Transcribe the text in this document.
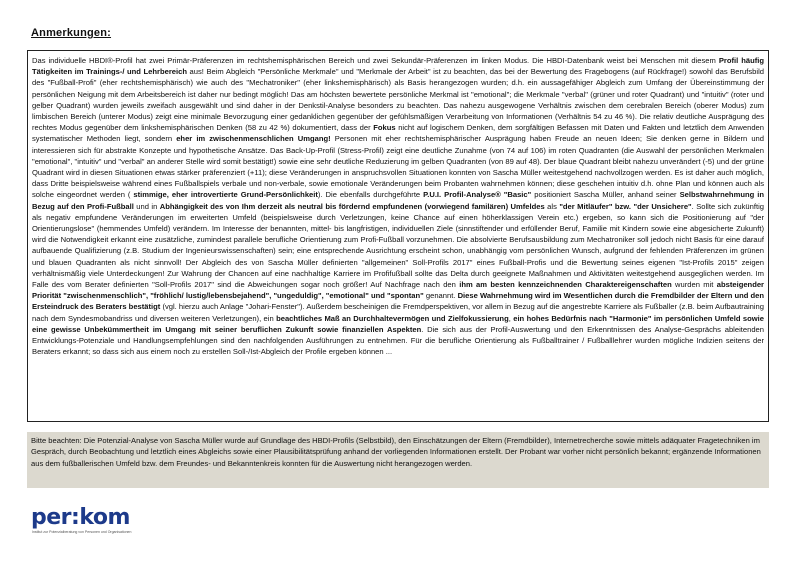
Anmerkungen:

Das individuelle HBDI®-Profil hat zwei Primär-Präferenzen im rechtshemisphärischen Bereich und zwei Sekundär-Präferenzen im linken Modus. Die HBDI-Datenbank weist bei Menschen mit diesem Profil häufig Tätigkeiten im Trainings-/ und Lehrbereich aus! Beim Abgleich "Persönliche Merkmale" und "Merkmale der Arbeit" ist zu beachten, das bei der Bewertung des Fragebogens (auf Rückfrage!) sowohl das Berufsbild des "Fußball-Profi" (eher rechtshemisphärisch) wie auch des "Mechatroniker" (eher linkshemisphärisch) als Basis herangezogen wurden; d.h. ein aussagefähiger Abgleich zum Umfang der Übereinstimmung der persönlichen Neigung mit dem Arbeitsbereich ist daher nur bedingt möglich! Das am höchsten bewertete persönliche Merkmal ist "emotional"; die Merkmale "verbal" (grüner und roter Quadrant) und "intuitiv" (roter und gelber Quadrant) wurden jeweils zweifach ausgewählt und sind daher in der Denkstil-Analyse besonders zu beachten. Das nahezu ausgewogene Verhältnis zwischen dem cerebralen Bereich (oberer Modus) zum limbischen Bereich (unterer Modus) zeigt eine minimale Bevorzugung einer gedanklichen gegenüber der gefühlsmäßigen Verarbeitung von Informationen (Verhältnis 54 zu 46 %). Die relativ deutliche Ausprägung des rechtes Modus gegenüber dem linkshemisphärischen Denken (58 zu 42 %) dokumentiert, dass der Fokus nicht auf logischem Denken, dem sorgfältigen Befassen mit Daten und Fakten und letztlich dem Anwenden systematischer Methoden liegt, sondern eher im zwischenmenschlichen Umgang! Personen mit eher rechtshemisphärischer Ausprägung haben Freude an neuen Ideen; Sie denken gerne in Bildern und interessieren sich für abstrakte Konzepte und hypothetische Ansätze. Das Back-Up-Profil (Stress-Profil) zeigt eine deutliche Zunahme (von 74 auf 106) im roten Quadranten (die Auswahl der persönlichen Merkmalen "emotional", "intuitiv" und "verbal" an anderer Stelle wird somit bestätigt!) sowie eine sehr deutliche Reduzierung im gelben Quadranten (von 89 auf 48). Der blaue Quadrant bleibt nahezu unverändert (-5) und der grüne Quadrant wird in diesen Situationen etwas stärker präferenziert (+11); diese Veränderungen in anspruchsvollen Situationen konnten von Sascha Müller weitestgehend nachvollzogen werden. Es ist daher auch möglich, dass Dritte beispielsweise während eines Fußballspiels verbale und non-verbale, sowie emotionale Veränderungen beim Probanten wahrnehmen können; diese geschehen intuitiv d.h. ohne Plan und können auch als solche eingeordnet werden ( stimmige, eher introvertierte Grund-Persönlichkeit). Die ebenfalls durchgeführte P.U.I. Profil-Analyse® "Basic" positioniert Sascha Müller, anhand seiner Selbstwahrnehmung in Bezug auf den Profi-Fußball und in Abhängigkeit des von Ihm derzeit als neutral bis fördernd empfundenen (vorwiegend familären) Umfeldes als "der Mitläufer" bzw. "der Unsichere". Sollte sich zukünftig als negativ empfundene Veränderungen im erweiterten Umfeld (beispielsweise durch Verletzungen, keine Chance auf einen höherklassigen Verein etc.) ergeben, so kann sich die Positionierung auf "der Orientierungslose" (hemmendes Umfeld) verändern. Im Interesse der benannten, mittel- bis langfristigen, individuellen Ziele (sinnstiftender und erfüllender Beruf, Familie mit Kindern sowie eine abgesicherte Zukunft) wird die Notwendigkeit erkannt eine zusätzliche, zumindest parallele berufliche Orientierung zum Profi-Fußball vorzunehmen. Die absolvierte Berufsausbildung zum Mechatroniker soll jedoch nicht Basis für eine darauf aufbauende Qualifizierung (z.B. Studium der Ingenieurswissenschaften) sein; eine entsprechende Ausrichtung erscheint schon, unabhängig vom persönlichen Wunsch, aufgrund der fehlenden Präferenzen im grünen und blauen Quadranten als nicht sinnvoll! Der Abgleich des von Sascha Müller definierten "allgemeinen" Soll-Profils 2017" eines Fußball-Profis und die Bewertung seines eigenen "Ist-Profils 2015" zeigen verhältnismäßig viele Unterdeckungen! Zur Wahrung der Chancen auf eine nachhaltige Karriere im Profifußball sollte das Delta durch geeignete Maßnahmen und Aktivitäten weitestgehend ausgeglichen werden. Im Falle des vom Berater definierten "Soll-Profils 2017" sind die Abweichungen sogar noch größer! Auf Nachfrage nach den ihm am besten kennzeichnenden Charaktereigenschaften wurden mit absteigender Priorität "zwischenmenschlich", "fröhlich/ lustig/lebensbejahend", "ungeduldig", "emotional" und "spontan" genannt. Diese Wahrnehmung wird im Wesentlichen durch die Fremdbilder der Eltern und den Ersteindruck des Beraters bestätigt (vgl. hierzu auch Anlage "Johari-Fenster"). Außerdem bescheinigen die Fremdperspektiven, vor allem in Bezug auf die angestrebte Karriere als Fußballer (z.B. beim Aufbautraining nach dem Syndesmobandriss und diversen weiteren Verletzungen), ein beachtliches Maß an Durchhaltevermögen und Zielfokussierung, ein hohes Bedürfnis nach "Harmonie" im persönlichen Umfeld sowie eine gewisse Unbekümmertheit im Umgang mit seiner beruflichen Zukunft sowie finanziellen Aspekten. Die sich aus der Profil-Auswertung und den Erkenntnissen des Analyse-Gesprächs ableitenden Entwicklungs-Potenziale und Handlungsempfehlungen sind den nachfolgenden Ausführungen zu entnehmen. Für die berufliche Orientierung als Fußballtrainer / Fußballlehrer wurden mögliche Indizien seitens der Beraters erkannt; so dass sich aus einem noch zu erstellen Soll-/Ist-Abgleich der Profile ergeben können ...

Bitte beachten: Die Potenzial-Analyse von Sascha Müller wurde auf Grundlage des HBDI-Profils (Selbstbild), den Einschätzungen der Eltern (Fremdbilder), Internetrecherche sowie mittels adäquater Fragetechniken im Gespräch, durch Beobachtung und letztlich eines Abgleichs sowie einer Plausibilitätsprüfung anhand der vorliegenden Informationen erstellt. Der Probant war vorher nicht persönlich bekannt; ergänzende Informationen aus dem fußballerischen Umfeld bzw. dem Freundes- und Bekanntenkreis konnten für die Auswertung nicht herangezogen werden.
per:kom
Institut zur Potenzialberatung von Personen und Organisationen
